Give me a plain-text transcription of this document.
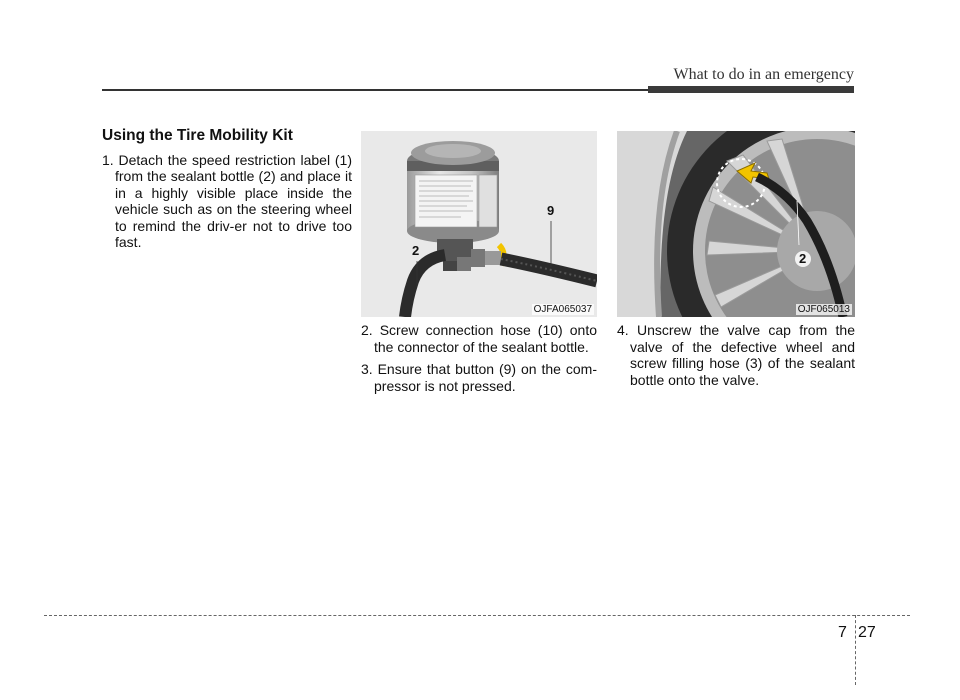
What to do in an emergency
Using the Tire Mobility Kit
1. Detach the speed restriction label (1) from the sealant bottle (2) and place it in a highly visible place inside the vehicle such as on the steering wheel to remind the driv-er not to drive too fast.
2
9
OJFA065037
2
OJF065013
2. Screw connection hose (10) onto the connector of the sealant bottle.
3. Ensure that button (9) on the com-pressor is not pressed.
4. Unscrew the valve cap from the valve of the defective wheel and screw filling hose (3) of the sealant bottle onto the valve.
7 27
